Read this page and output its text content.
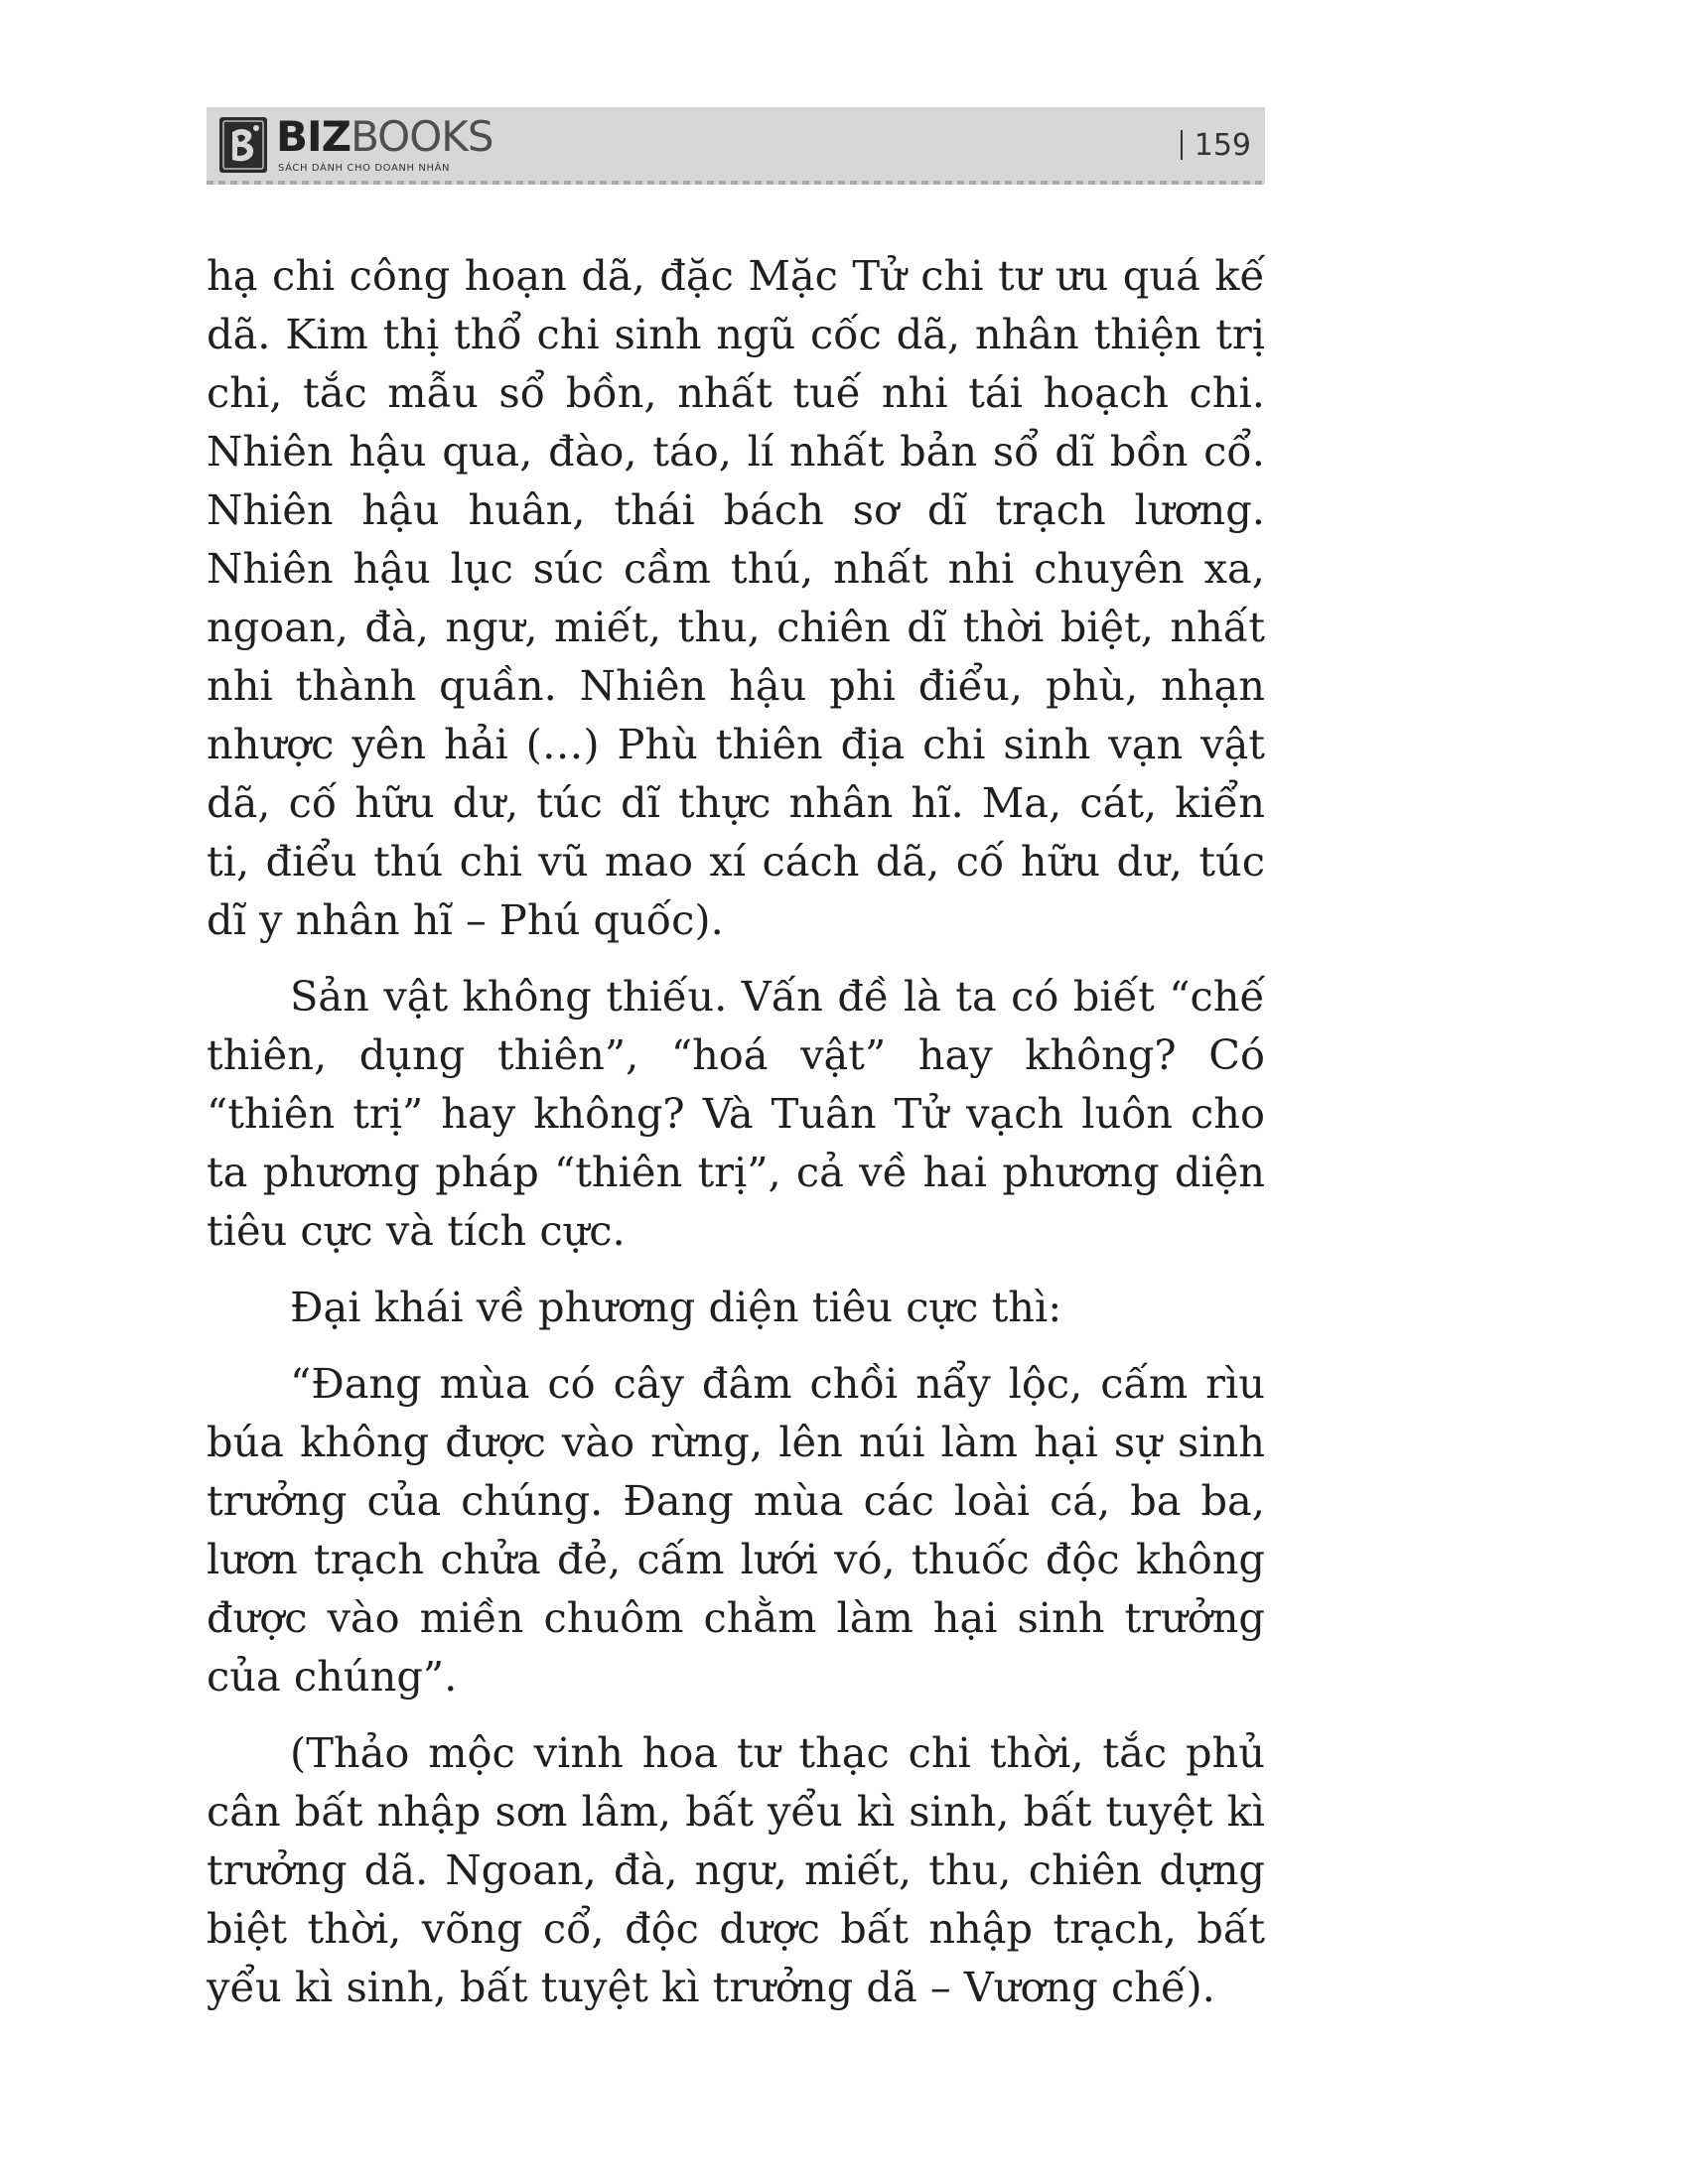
BIZBOOKS
SÁCH DÀNH CHO DOANH NHÂN
159

hạ chi công hoạn dã, đặc Mặc Tử chi tư ưu quá kế dã. Kim thị thổ chi sinh ngũ cốc dã, nhân thiện trị chi, tắc mẫu sổ bồn, nhất tuế nhi tái hoạch chi. Nhiên hậu qua, đào, táo, lí nhất bản sổ dĩ bồn cổ. Nhiên hậu huân, thái bách sơ dĩ trạch lương. Nhiên hậu lục súc cầm thú, nhất nhi chuyên xa, ngoan, đà, ngư, miết, thu, chiên dĩ thời biệt, nhất nhi thành quần. Nhiên hậu phi điểu, phù, nhạn nhược yên hải (…) Phù thiên địa chi sinh vạn vật dã, cố hữu dư, túc dĩ thực nhân hĩ. Ma, cát, kiển ti, điểu thú chi vũ mao xí cách dã, cố hữu dư, túc dĩ y nhân hĩ – Phú quốc).

Sản vật không thiếu. Vấn đề là ta có biết “chế thiên, dụng thiên”, “hoá vật” hay không? Có “thiên trị” hay không? Và Tuân Tử vạch luôn cho ta phương pháp “thiên trị”, cả về hai phương diện tiêu cực và tích cực.

Đại khái về phương diện tiêu cực thì:

“Đang mùa có cây đâm chồi nẩy lộc, cấm rìu búa không được vào rừng, lên núi làm hại sự sinh trưởng của chúng. Đang mùa các loài cá, ba ba, lươn trạch chửa đẻ, cấm lưới vó, thuốc độc không được vào miền chuôm chằm làm hại sinh trưởng của chúng”.

(Thảo mộc vinh hoa tư thạc chi thời, tắc phủ cân bất nhập sơn lâm, bất yểu kì sinh, bất tuyệt kì trưởng dã. Ngoan, đà, ngư, miết, thu, chiên dựng biệt thời, võng cổ, độc dược bất nhập trạch, bất yểu kì sinh, bất tuyệt kì trưởng dã – Vương chế).
